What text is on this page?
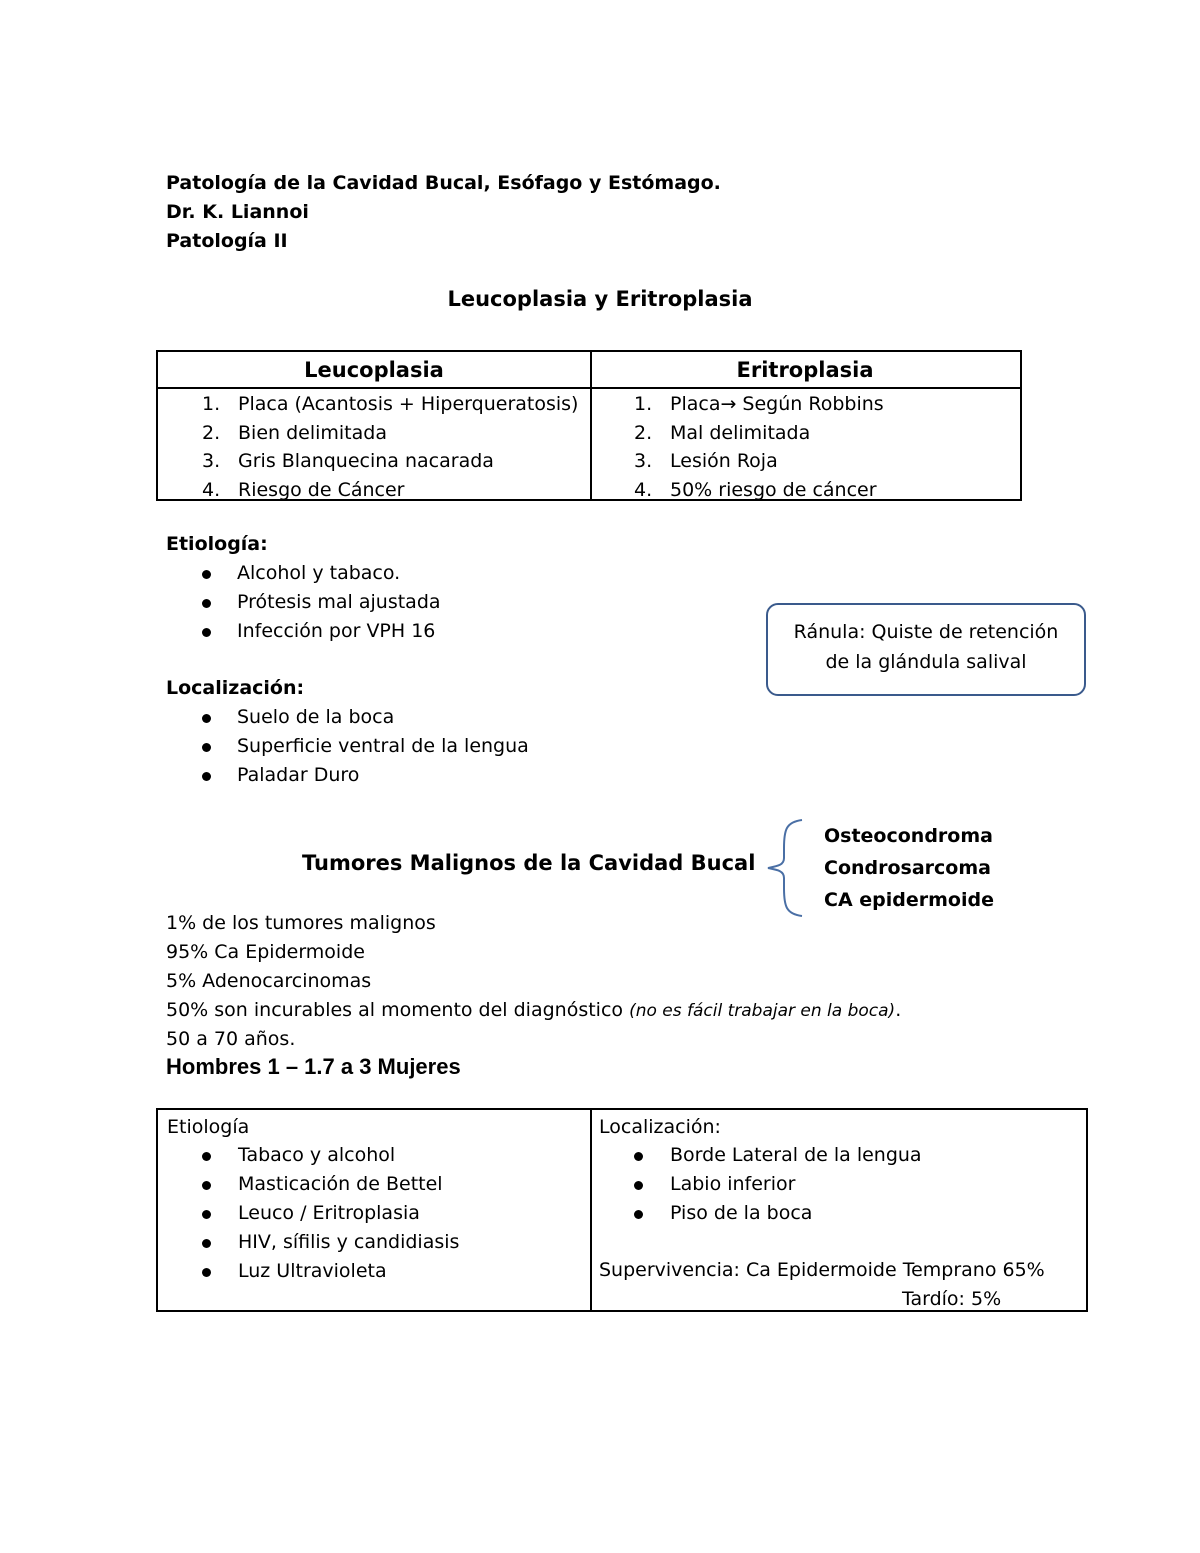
Patología de la Cavidad Bucal, Esófago y Estómago.
Dr. K. Liannoi
Patología II
Leucoplasia y Eritroplasia
Leucoplasia
1. Placa (Acantosis + Hiperqueratosis)
2. Bien delimitada
3. Gris Blanquecina nacarada
4. Riesgo de Cáncer
Eritroplasia
1. Placa→ Según Robbins
2. Mal delimitada
3. Lesión Roja
4. 50% riesgo de cáncer
Etiología:
Alcohol y tabaco.
Prótesis mal ajustada
Infección por VPH 16	Ránula: Quiste de retención
de la glándula salival
Localización:
Suelo de la boca
Superficie ventral de la lengua
Paladar Duro
Tumores Malignos de la Cavidad Bucal
Osteocondroma
Condrosarcoma
CA epidermoide
1% de los tumores malignos
95% Ca Epidermoide
5% Adenocarcinomas
50% son incurables al momento del diagnóstico (no es fácil trabajar en la boca).
50 a 70 años.
Hombres 1 – 1.7 a 3 Mujeres
Etiología
Tabaco y alcohol
Masticación de Bettel
Leuco / Eritroplasia
HIV, sífilis y candidiasis
Luz Ultravioleta
Localización:
Borde Lateral de la lengua
Labio inferior
Piso de la boca
Supervivencia: Ca Epidermoide Temprano 65%
Tardío: 5%
